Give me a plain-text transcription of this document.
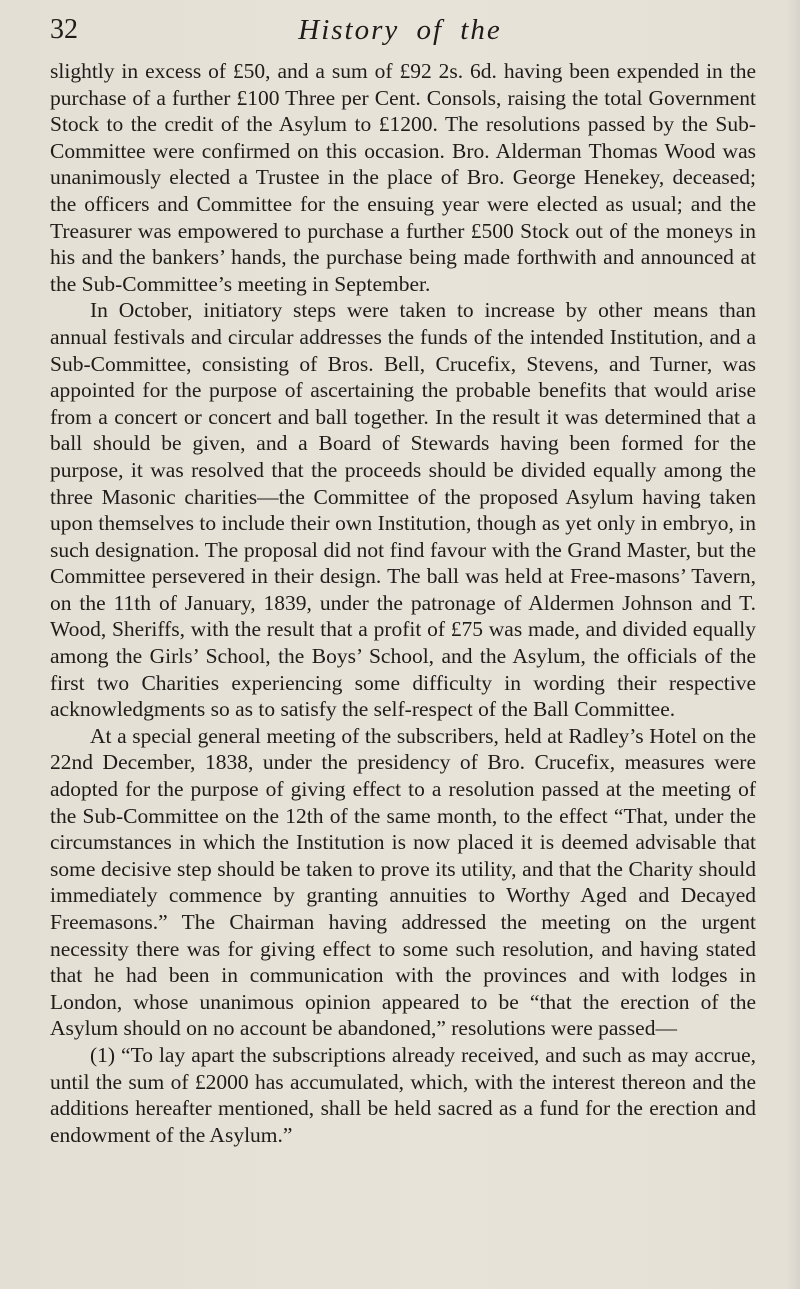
32	History of the

slightly in excess of £50, and a sum of £92 2s. 6d. having been expended in the purchase of a further £100 Three per Cent. Consols, raising the total Government Stock to the credit of the Asylum to £1200. The resolutions passed by the Sub-Committee were confirmed on this occasion. Bro. Alderman Thomas Wood was unanimously elected a Trustee in the place of Bro. George Henekey, deceased; the officers and Committee for the ensuing year were elected as usual; and the Treasurer was empowered to purchase a further £500 Stock out of the moneys in his and the bankers’ hands, the purchase being made forthwith and announced at the Sub-Committee’s meeting in September.

In October, initiatory steps were taken to increase by other means than annual festivals and circular addresses the funds of the intended Institution, and a Sub-Committee, consisting of Bros. Bell, Crucefix, Stevens, and Turner, was appointed for the purpose of ascertaining the probable benefits that would arise from a concert or concert and ball together. In the result it was determined that a ball should be given, and a Board of Stewards having been formed for the purpose, it was resolved that the proceeds should be divided equally among the three Masonic charities—the Committee of the proposed Asylum having taken upon themselves to include their own Institution, though as yet only in embryo, in such designation. The proposal did not find favour with the Grand Master, but the Committee persevered in their design. The ball was held at Free-masons’ Tavern, on the 11th of January, 1839, under the patronage of Aldermen Johnson and T. Wood, Sheriffs, with the result that a profit of £75 was made, and divided equally among the Girls’ School, the Boys’ School, and the Asylum, the officials of the first two Charities experiencing some difficulty in wording their respective acknowledgments so as to satisfy the self-respect of the Ball Committee.

At a special general meeting of the subscribers, held at Radley’s Hotel on the 22nd December, 1838, under the presidency of Bro. Crucefix, measures were adopted for the purpose of giving effect to a resolution passed at the meeting of the Sub-Committee on the 12th of the same month, to the effect “That, under the circumstances in which the Institution is now placed it is deemed advisable that some decisive step should be taken to prove its utility, and that the Charity should immediately commence by granting annuities to Worthy Aged and Decayed Freemasons.” The Chairman having addressed the meeting on the urgent necessity there was for giving effect to some such resolution, and having stated that he had been in communication with the provinces and with lodges in London, whose unanimous opinion appeared to be “that the erection of the Asylum should on no account be abandoned,” resolutions were passed—

(1) “To lay apart the subscriptions already received, and such as may accrue, until the sum of £2000 has accumulated, which, with the interest thereon and the additions hereafter mentioned, shall be held sacred as a fund for the erection and endowment of the Asylum.”
